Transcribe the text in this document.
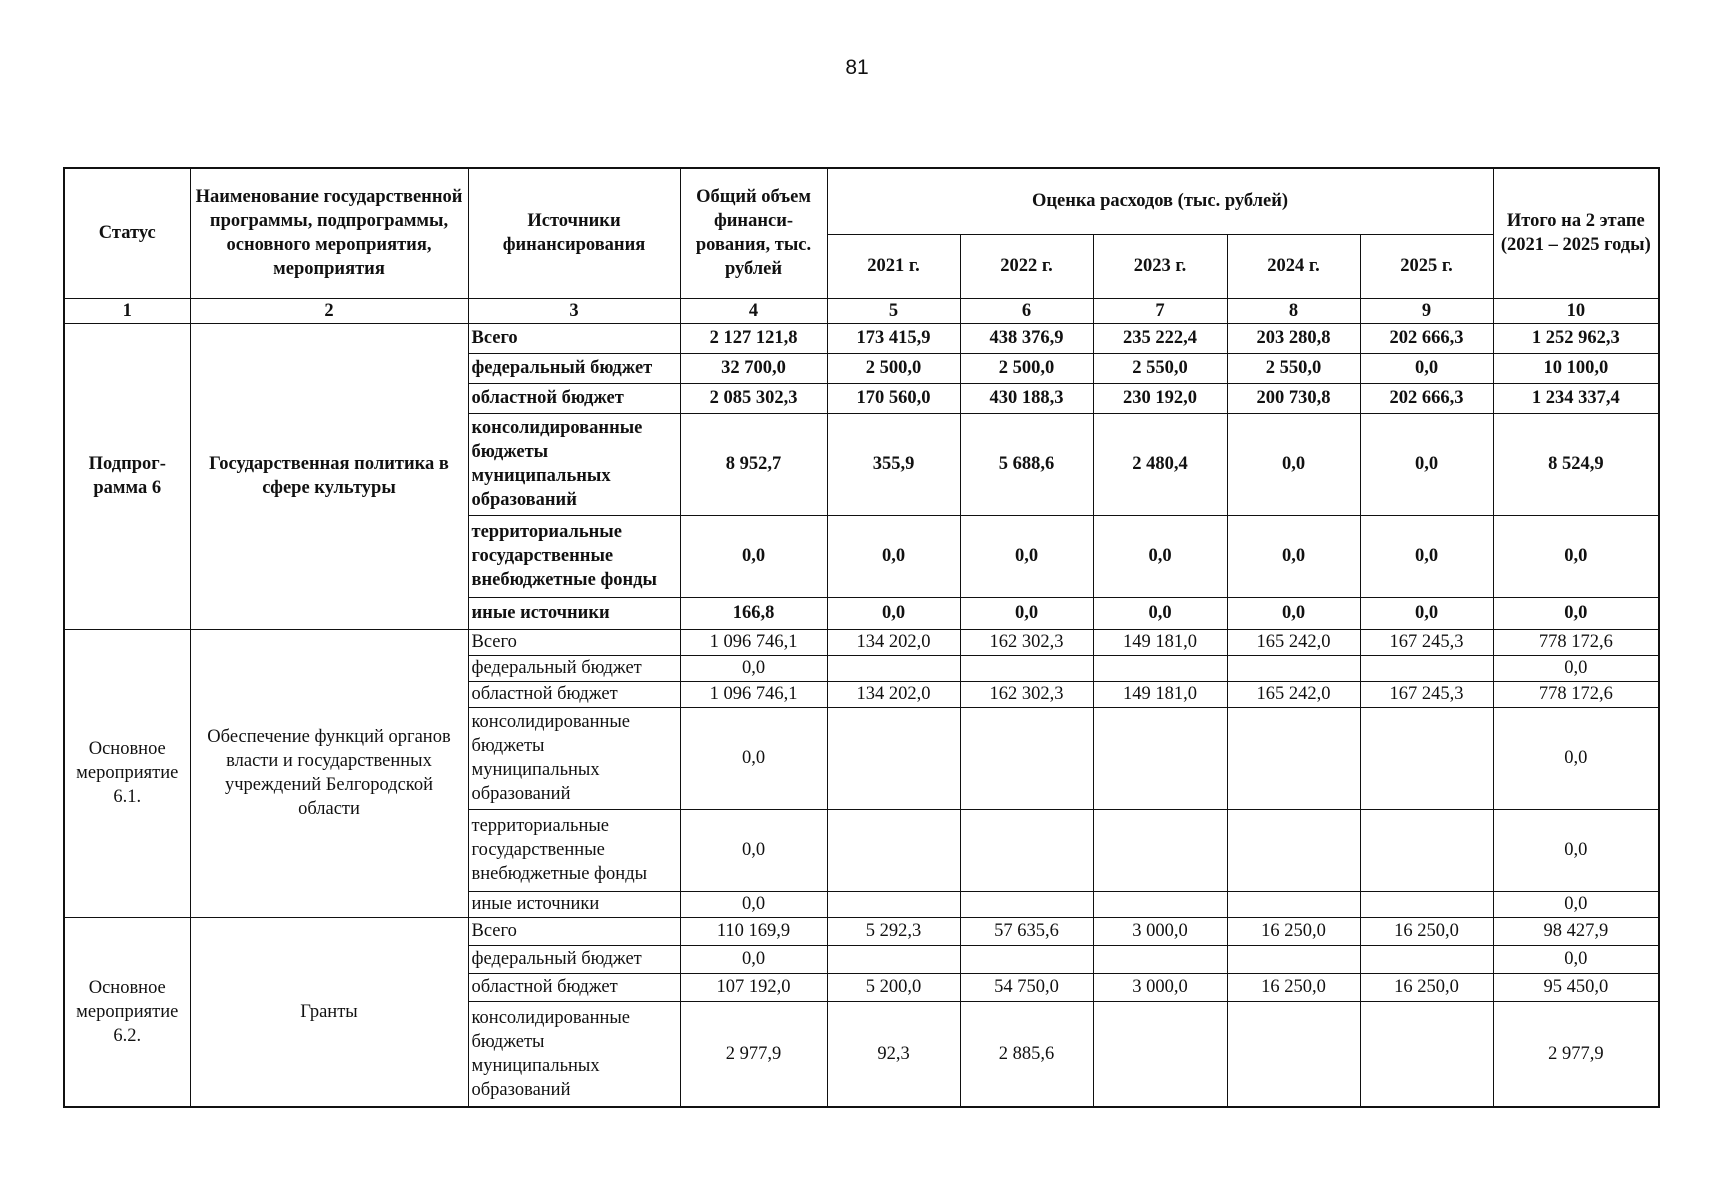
81
Статус	Наименование государственной программы, подпрограммы, основного мероприятия, мероприятия	Источники финансирования	Общий объем финанси-рования, тыс. рублей	Оценка расходов (тыс. рублей)					Итого на 2 этапе (2021 – 2025 годы)
				2021 г.	2022 г.	2023 г.	2024 г.	2025 г.	
1	2	3	4	5	6	7	8	9	10
Подпрог-рамма 6	Государственная политика в сфере культуры	Всего	2 127 121,8	173 415,9	438 376,9	235 222,4	203 280,8	202 666,3	1 252 962,3
		федеральный бюджет	32 700,0	2 500,0	2 500,0	2 550,0	2 550,0	0,0	10 100,0
		областной бюджет	2 085 302,3	170 560,0	430 188,3	230 192,0	200 730,8	202 666,3	1 234 337,4
		консолидированные бюджеты муниципальных образований	8 952,7	355,9	5 688,6	2 480,4	0,0	0,0	8 524,9
		территориальные государственные внебюджетные фонды	0,0	0,0	0,0	0,0	0,0	0,0	0,0
		иные источники	166,8	0,0	0,0	0,0	0,0	0,0	0,0
Основное мероприятие 6.1.	Обеспечение функций органов власти и государственных учреждений Белгородской области	Всего	1 096 746,1	134 202,0	162 302,3	149 181,0	165 242,0	167 245,3	778 172,6
		федеральный бюджет	0,0						0,0
		областной бюджет	1 096 746,1	134 202,0	162 302,3	149 181,0	165 242,0	167 245,3	778 172,6
		консолидированные бюджеты муниципальных образований	0,0						0,0
		территориальные государственные внебюджетные фонды	0,0						0,0
		иные источники	0,0						0,0
Основное мероприятие 6.2.	Гранты	Всего	110 169,9	5 292,3	57 635,6	3 000,0	16 250,0	16 250,0	98 427,9
		федеральный бюджет	0,0						0,0
		областной бюджет	107 192,0	5 200,0	54 750,0	3 000,0	16 250,0	16 250,0	95 450,0
		консолидированные бюджеты муниципальных образований	2 977,9	92,3	2 885,6				2 977,9
